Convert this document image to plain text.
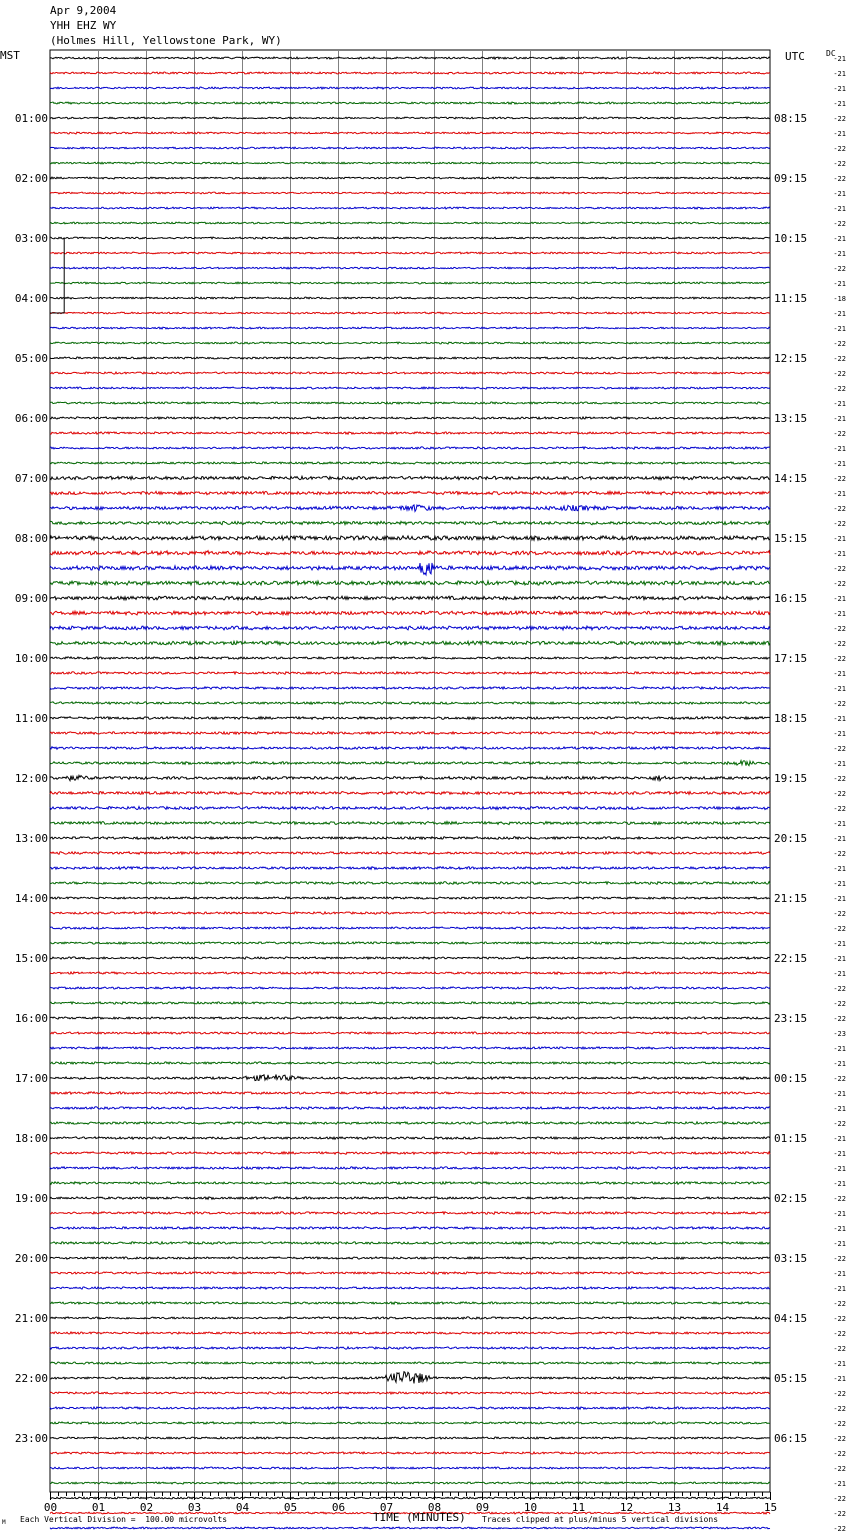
-21
-21
-21
-21
-22
-21
-22
-22
-22
-21
-21
-22
-21
-21
-22
-21
-18
-21
-21
-22
-22
-22
-22
-21
-21
-22
-21
-21
-22
-21
-22
-22
-21
-21
-22
-22
-21
-21
-22
-22
-22
-21
-21
-22
-21
-21
-22
-21
-22
-22
-22
-21
-21
-22
-21
-21
-21
-22
-22
-21
-21
-21
-22
-22
-22
-23
-21
-21
-22
-21
-21
-22
-21
-21
-21
-21
-22
-21
-21
-21
-22
-21
-21
-22
-22
-22
-22
-21
-21
-22
-22
-22
-22
-22
-22
-21
-22
-22
-22
01:00	08:15
02:00	09:15
03:00	10:15
04:00	11:15
05:00	12:15
06:00	13:15
07:00	14:15
08:00	15:15
09:00	16:15
10:00	17:15
11:00	18:15
12:00	19:15
13:00	20:15
14:00	21:15
15:00	22:15
16:00	23:15
17:00	00:15
18:00	01:15
19:00	02:15
20:00	03:15
21:00	04:15
22:00	05:15
23:00	06:15
00	01	02	03	04	05	06	07	08	09	10	11	12	13	14	15
Apr 9,2004
YHH EHZ WY
(Holmes Hill, Yellowstone Park, WY)
MST	UTC	DC
TIME (MINUTES)
Each Vertical Division =  100.00 microvolts	Traces clipped at plus/minus 5 vertical divisions
M
